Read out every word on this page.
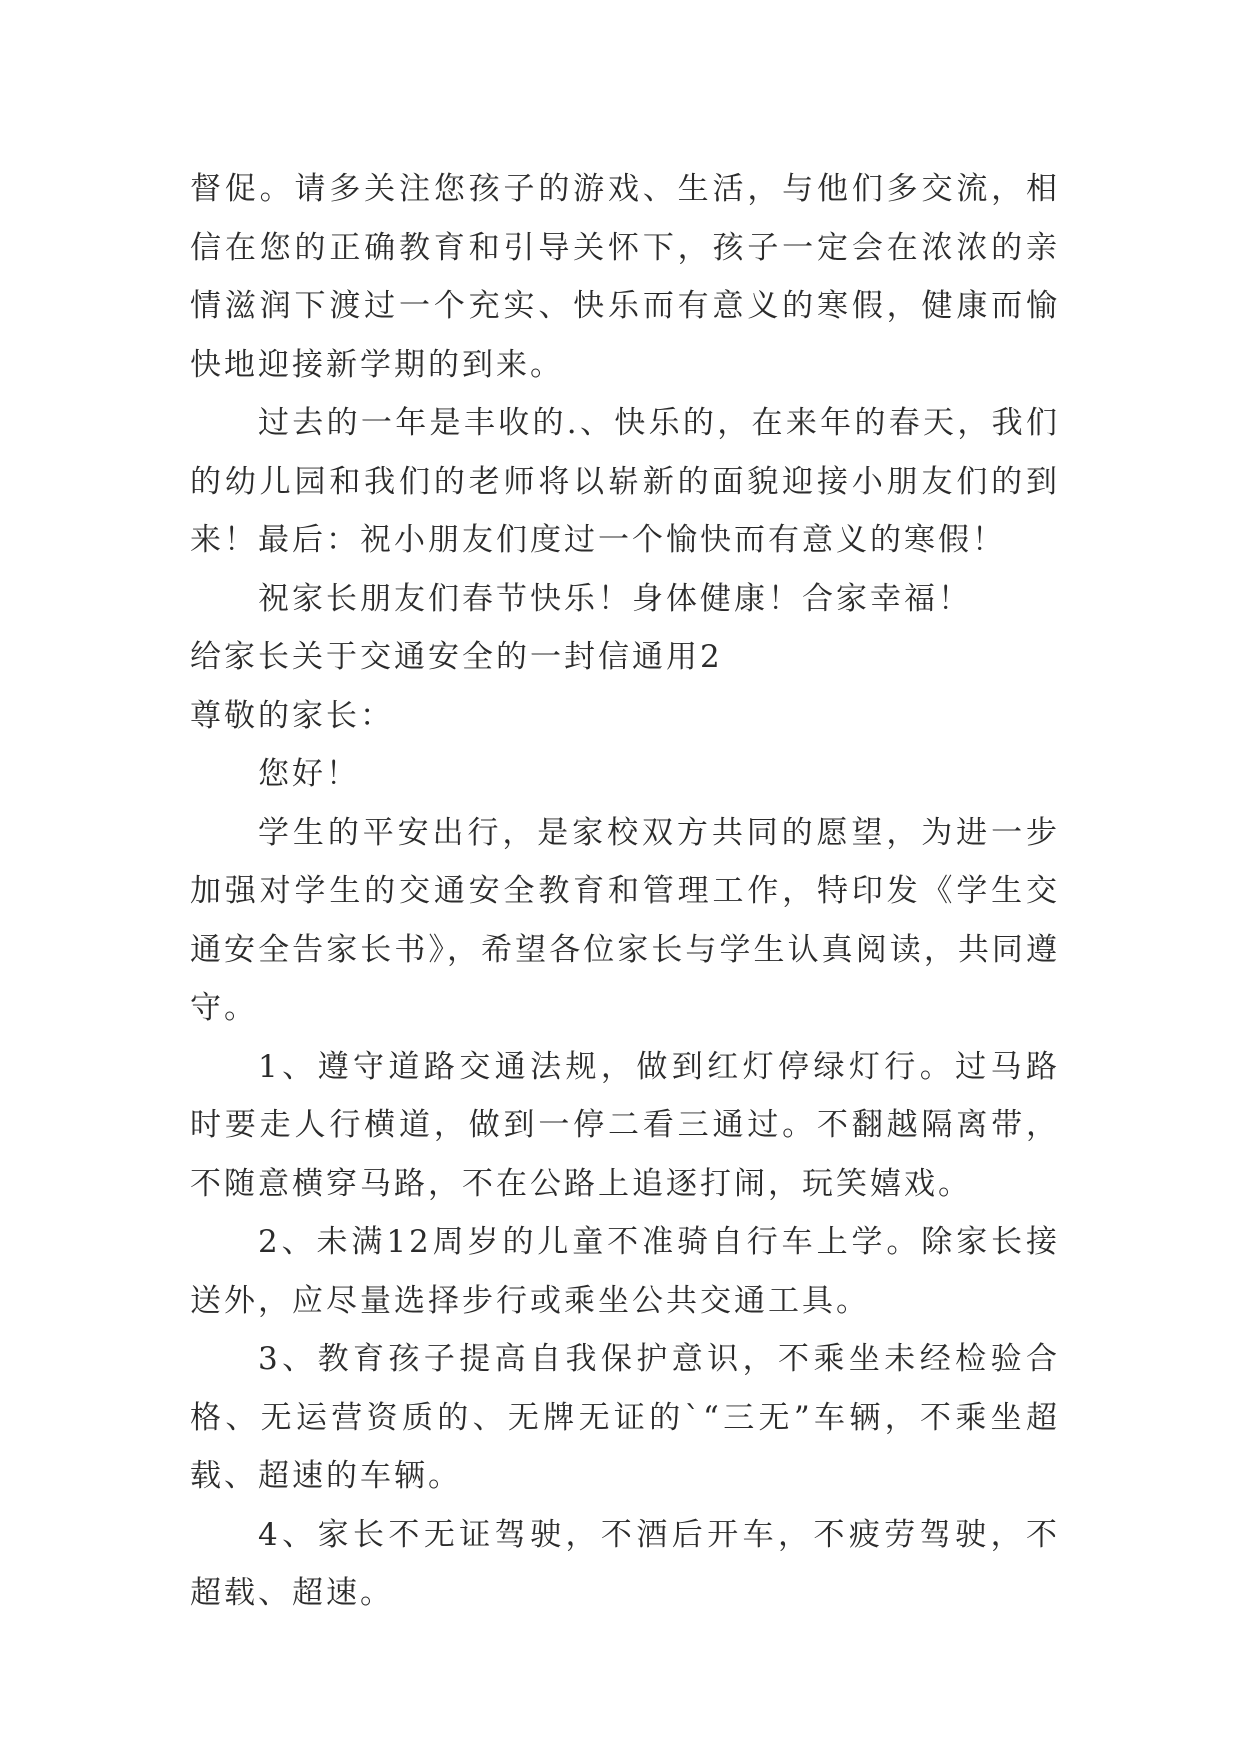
督促。请多关注您孩子的游戏、生活，与他们多交流，相信在您的正确教育和引导关怀下，孩子一定会在浓浓的亲情滋润下渡过一个充实、快乐而有意义的寒假，健康而愉快地迎接新学期的到来。

过去的一年是丰收的.、快乐的，在来年的春天，我们的幼儿园和我们的老师将以崭新的面貌迎接小朋友们的到来！最后：祝小朋友们度过一个愉快而有意义的寒假！

祝家长朋友们春节快乐！身体健康！合家幸福！

给家长关于交通安全的一封信通用2

尊敬的家长：

您好！

学生的平安出行，是家校双方共同的愿望，为进一步加强对学生的交通安全教育和管理工作，特印发《学生交通安全告家长书》，希望各位家长与学生认真阅读，共同遵守。

1、遵守道路交通法规，做到红灯停绿灯行。过马路时要走人行横道，做到一停二看三通过。不翻越隔离带，不随意横穿马路，不在公路上追逐打闹，玩笑嬉戏。

2、未满12周岁的儿童不准骑自行车上学。除家长接送外，应尽量选择步行或乘坐公共交通工具。

3、教育孩子提高自我保护意识，不乘坐未经检验合格、无运营资质的、无牌无证的`“三无”车辆，不乘坐超载、超速的车辆。

4、家长不无证驾驶，不酒后开车，不疲劳驾驶，不超载、超速。
